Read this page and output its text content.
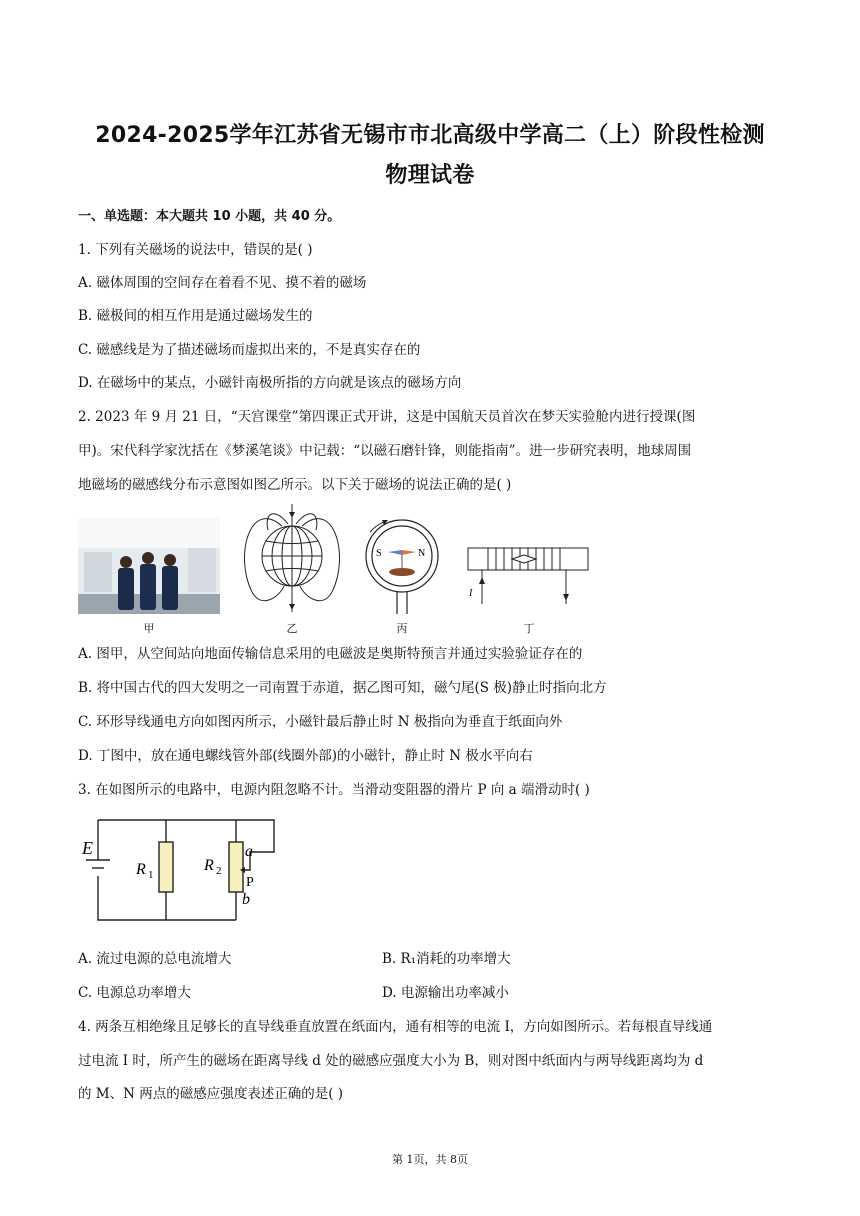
2024-2025学年江苏省无锡市市北高级中学高二（上）阶段性检测
物理试卷
一、单选题：本大题共 10 小题，共 40 分。
1. 下列有关磁场的说法中，错误的是( )
A. 磁体周围的空间存在着看不见、摸不着的磁场
B. 磁极间的相互作用是通过磁场发生的
C. 磁感线是为了描述磁场而虚拟出来的，不是真实存在的
D. 在磁场中的某点，小磁针南极所指的方向就是该点的磁场方向
2. 2023 年 9 月 21 日，“天宫课堂”第四课正式开讲，这是中国航天员首次在梦天实验舱内进行授课(图
甲)。宋代科学家沈括在《梦溪笔谈》中记载：“以磁石磨针锋，则能指南”。进一步研究表明，地球周围
地磁场的磁感线分布示意图如图乙所示。以下关于磁场的说法正确的是( )
S	N
I
甲	乙	丙	丁
A. 图甲，从空间站向地面传输信息采用的电磁波是奥斯特预言并通过实验验证存在的
B. 将中国古代的四大发明之一司南置于赤道，据乙图可知，磁勺尾(S 极)静止时指向北方
C. 环形导线通电方向如图丙所示，小磁针最后静止时 N 极指向为垂直于纸面向外
D. 丁图中，放在通电螺线管外部(线圈外部)的小磁针，静止时 N 极水平向右
3. 在如图所示的电路中，电源内阻忽略不计。当滑动变阻器的滑片 P 向 a 端滑动时( )
E
R 1
R 2
a
P
b
A. 流过电源的总电流增大	B. R₁消耗的功率增大
C. 电源总功率增大	D. 电源输出功率减小
4. 两条互相绝缘且足够长的直导线垂直放置在纸面内，通有相等的电流 I，方向如图所示。若每根直导线通
过电流 I 时，所产生的磁场在距离导线 d 处的磁感应强度大小为 B，则对图中纸面内与两导线距离均为 d
的 M、N 两点的磁感应强度表述正确的是( )
第 1页，共 8页
